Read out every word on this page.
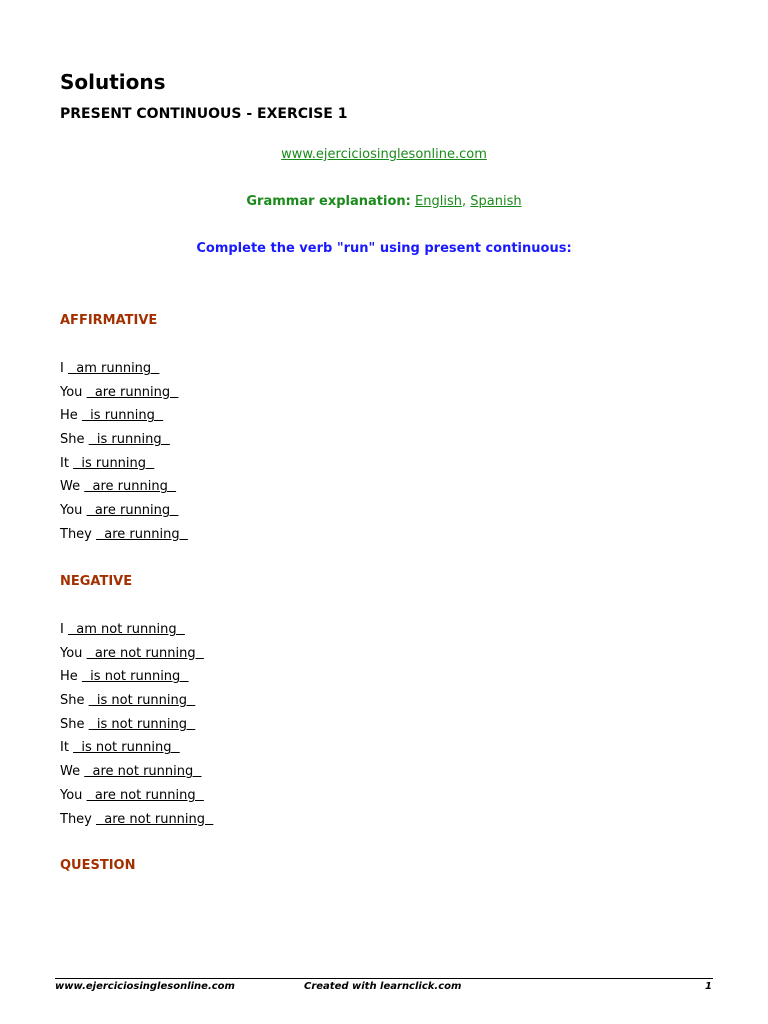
Solutions
PRESENT CONTINUOUS - EXERCISE 1
www.ejerciciosinglesonline.com
Grammar explanation: English, Spanish
Complete the verb "run" using present continuous:
AFFIRMATIVE
I   am running
You   are running
He   is running
She   is running
It   is running
We   are running
You   are running
They   are running
NEGATIVE
I   am not running
You   are not running
He   is not running
She   is not running
She   is not running
It   is not running
We   are not running
You   are not running
They   are not running
QUESTION
www.ejerciciosinglesonline.com	Created with learnclick.com	1
